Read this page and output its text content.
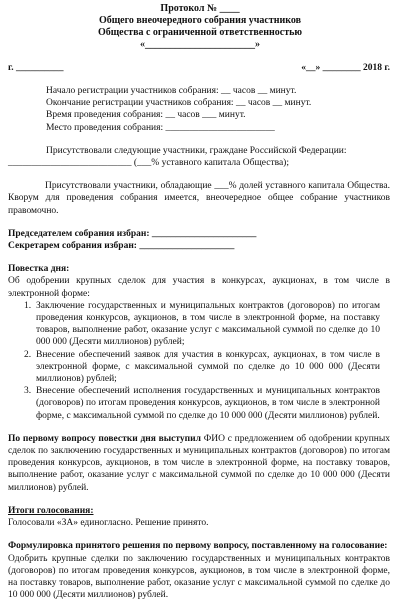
Протокол № ____
Общего внеочередного собрания участников
Общества с ограниченной ответственностью
«______________________»
г. __________	«__» ________ 2018 г.
Начало регистрации участников собрания: __ часов __ минут.
Окончание регистрации участников собрания: __ часов __ минут.
Время проведения собрания: __ часов ___ минут.
Место проведения собрания: _______________________
Присутствовали следующие участники, граждане Российской Федерации:
__________________________ (___% уставного капитала Общества);
Присутствовали участники, обладающие ___% долей уставного капитала Общества. Кворум для проведения собрания имеется, внеочередное общее собрание участников правомочно.
Председателем собрания избран: ______________________
Секретарем собрания избран: ____________________
Повестка дня:
Об одобрении крупных сделок для участия в конкурсах, аукционах, в том числе в электронной форме:
1. Заключение государственных и муниципальных контрактов (договоров) по итогам проведения конкурсов, аукционов, в том числе в электронной форме, на поставку товаров, выполнение работ, оказание услуг с максимальной суммой по сделке до 10 000 000 (Десяти миллионов) рублей;
2. Внесение обеспечений заявок для участия в конкурсах, аукционах, в том числе в электронной форме, с максимальной суммой по сделке до 10 000 000 (Десяти миллионов) рублей;
3. Внесение обеспечений исполнения государственных и муниципальных контрактов (договоров) по итогам проведения конкурсов, аукционов, в том числе в электронной форме, с максимальной суммой по сделке до 10 000 000 (Десяти миллионов) рублей.
По первому вопросу повестки дня выступил ФИО с предложением об одобрении крупных сделок по заключению государственных и муниципальных контрактов (договоров) по итогам проведения конкурсов, аукционов, в том числе в электронной форме, на поставку товаров, выполнение работ, оказание услуг с максимальной суммой по сделке до 10 000 000 (Десяти миллионов) рублей.
Итоги голосования:
Голосовали «ЗА» единогласно. Решение принято.
Формулировка принятого решения по первому вопросу, поставленному на голосование:
Одобрить крупные сделки по заключению государственных и муниципальных контрактов (договоров) по итогам проведения конкурсов, аукционов, в том числе в электронной форме, на поставку товаров, выполнение работ, оказание услуг с максимальной суммой по сделке до 10 000 000 (Десяти миллионов) рублей.
